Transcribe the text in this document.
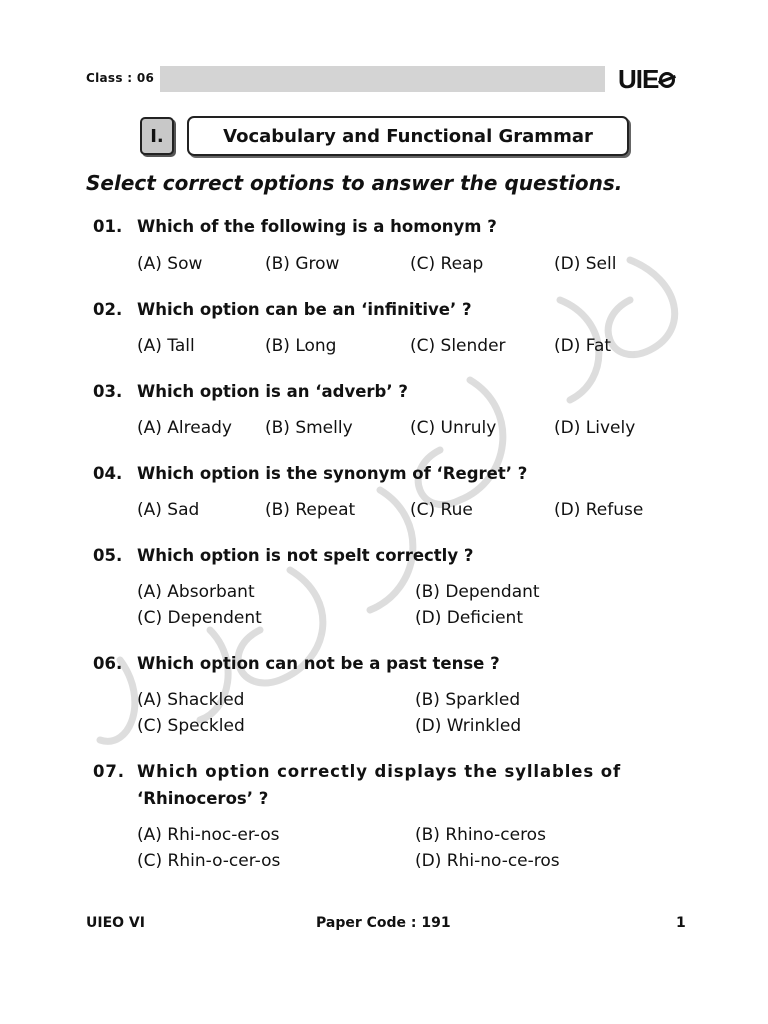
Class : 06	UIE
I.	Vocabulary and Functional Grammar
Select correct options to answer the questions.
01. Which of the following is a homonym ?
(A) Sow	(B) Grow	(C) Reap	(D) Sell
02. Which option can be an ‘infinitive’ ?
(A) Tall	(B) Long	(C) Slender	(D) Fat
03. Which option is an ‘adverb’ ?
(A) Already (B) Smelly	(C) Unruly	(D) Lively
04. Which option is the synonym of ‘Regret’ ?
(A) Sad	(B) Repeat	(C) Rue	(D) Refuse
05. Which option is not spelt correctly ?
(A) Absorbant	(B) Dependant
(C) Dependent	(D) Deficient
06. Which option can not be a past tense ?
(A) Shackled	(B) Sparkled
(C) Speckled	(D) Wrinkled
07. Which option correctly displays the syllables of
‘Rhinoceros’ ?
(A) Rhi-noc-er-os	(B) Rhino-ceros
(C) Rhin-o-cer-os	(D) Rhi-no-ce-ros
UIEO VI	Paper Code : 191	1
